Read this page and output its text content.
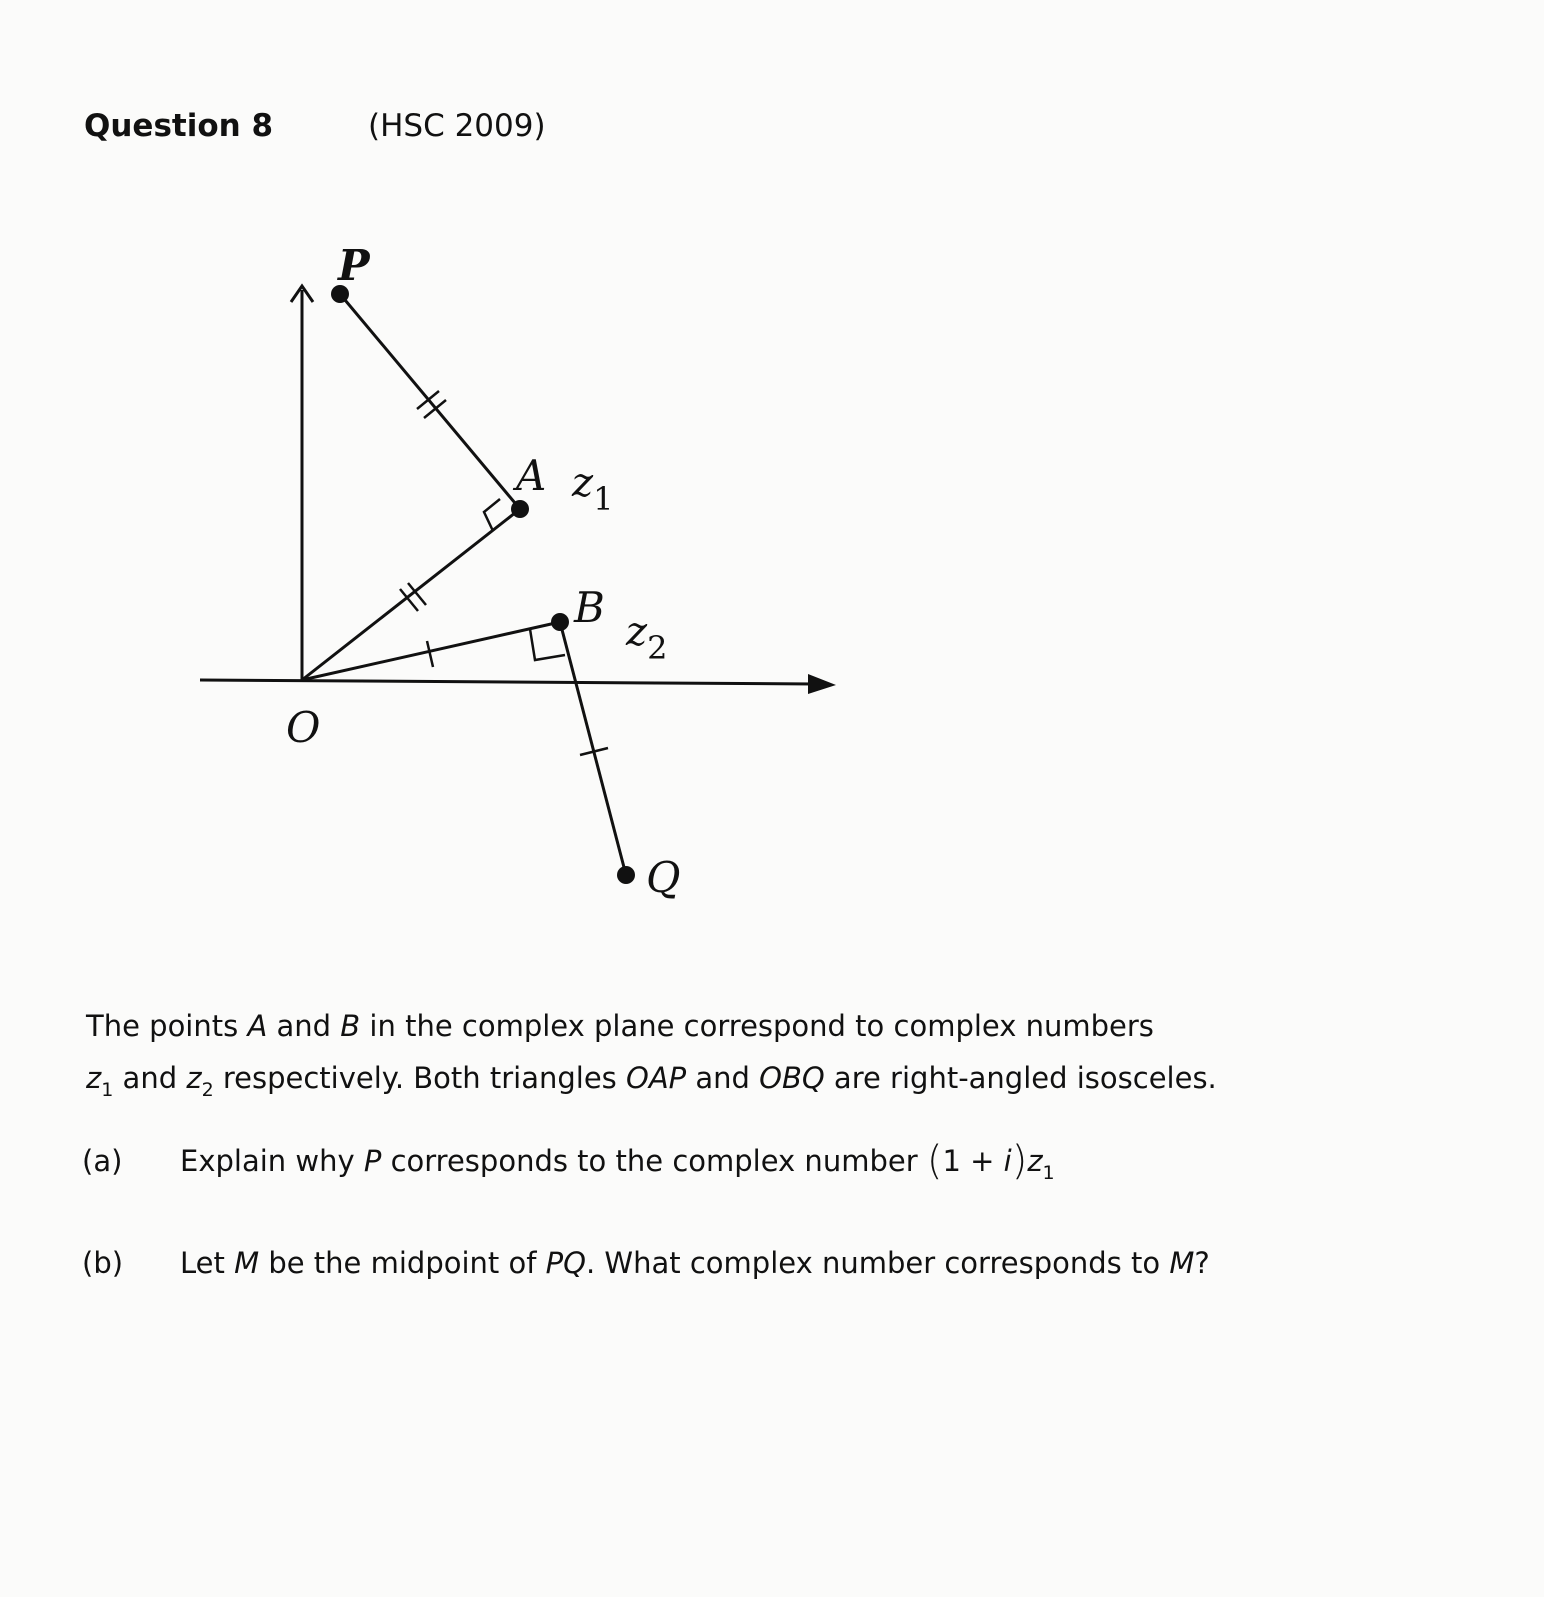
Question 8	(HSC 2009)
P
A $z_1$
B $z_2$
O
Q

The points A and B in the complex plane correspond to complex numbers

$z_1$ and $z_2$ respectively. Both triangles OAP and OBQ are right-angled isosceles.

(a)	Explain why P corresponds to the complex number $(1 + i)z_1$
(b)	Let M be the midpoint of PQ. What complex number corresponds to M?
